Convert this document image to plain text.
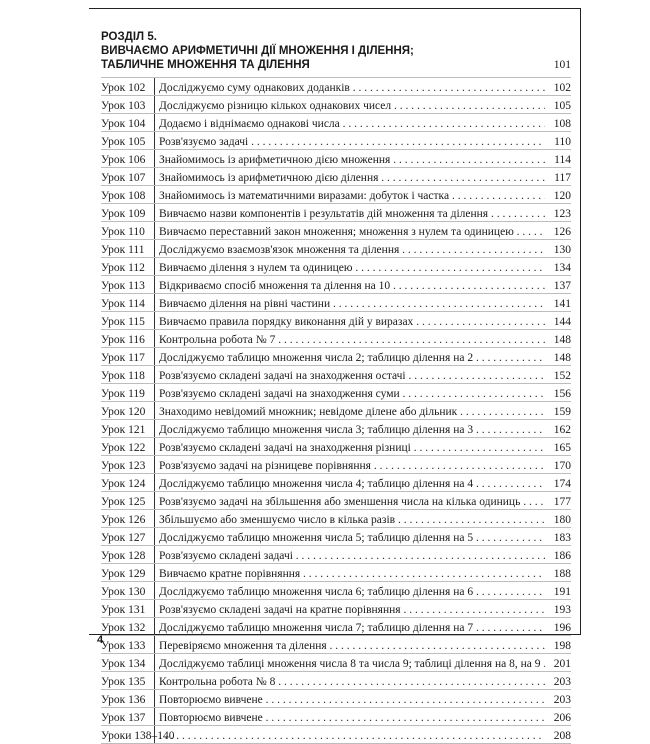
РОЗДІЛ 5.
ВИВЧАЄМО АРИФМЕТИЧНІ ДІЇ МНОЖЕННЯ І ДІЛЕННЯ;
ТАБЛИЧНЕ МНОЖЕННЯ ТА ДІЛЕННЯ	101
Урок 102	Досліджуємо суму однакових доданків . . .	102
Урок 103	Досліджуємо різницю кількох однакових чисел . . .	105
Урок 104	Додаємо і віднімаємо однакові числа . . .	108
Урок 105	Розв'язуємо задачі . . .	110
Урок 106	Знайомимось із арифметичною дією множення . . .	114
Урок 107	Знайомимось із арифметичною дією ділення . . .	117
Урок 108	Знайомимось із математичними виразами: добуток і частка . . .	120
Урок 109	Вивчаємо назви компонентів і результатів дій множення та ділення . . .	123
Урок 110	Вивчаємо переставний закон множення; множення з нулем та одиницею . . .	126
Урок 111	Досліджуємо взаємозв'язок множення та ділення . . .	130
Урок 112	Вивчаємо ділення з нулем та одиницею . . .	134
Урок 113	Відкриваємо спосіб множення та ділення на 10 . . .	137
Урок 114	Вивчаємо ділення на рівні частини . . .	141
Урок 115	Вивчаємо правила порядку виконання дій у виразах . . .	144
Урок 116	Контрольна робота № 7 . . .	148
Урок 117	Досліджуємо таблицю множення числа 2; таблицю ділення на 2 . . .	148
Урок 118	Розв'язуємо складені задачі на знаходження остачі . . .	152
Урок 119	Розв'язуємо складені задачі на знаходження суми . . .	156
Урок 120	Знаходимо невідомий множник; невідоме ділене або дільник . . .	159
Урок 121	Досліджуємо таблицю множення числа 3; таблицю ділення на 3 . . .	162
Урок 122	Розв'язуємо складені задачі на знаходження різниці . . .	165
Урок 123	Розв'язуємо задачі на різницеве порівняння . . .	170
Урок 124	Досліджуємо таблицю множення числа 4; таблицю ділення на 4 . . .	174
Урок 125	Розв'язуємо задачі на збільшення або зменшення числа на кілька одиниць . . .	177
Урок 126	Збільшуємо або зменшуємо число в кілька разів . . .	180
Урок 127	Досліджуємо таблицю множення числа 5; таблицю ділення на 5 . . .	183
Урок 128	Розв'язуємо складені задачі . . .	186
Урок 129	Вивчаємо кратне порівняння . . .	188
Урок 130	Досліджуємо таблицю множення числа 6; таблицю ділення на 6 . . .	191
Урок 131	Розв'язуємо складені задачі на кратне порівняння . . .	193
Урок 132	Досліджуємо таблицю множення числа 7; таблицю ділення на 7 . . .	196
Урок 133	Перевіряємо множення та ділення . . .	198
Урок 134	Досліджуємо таблиці множення числа 8 та числа 9; таблиці ділення на 8, на 9 . . .	201
Урок 135	Контрольна робота № 8 . . .	203
Урок 136	Повторюємо вивчене . . .	203
Урок 137	Повторюємо вивчене . . .	206
Уроки 138–140 . . .	208
4
